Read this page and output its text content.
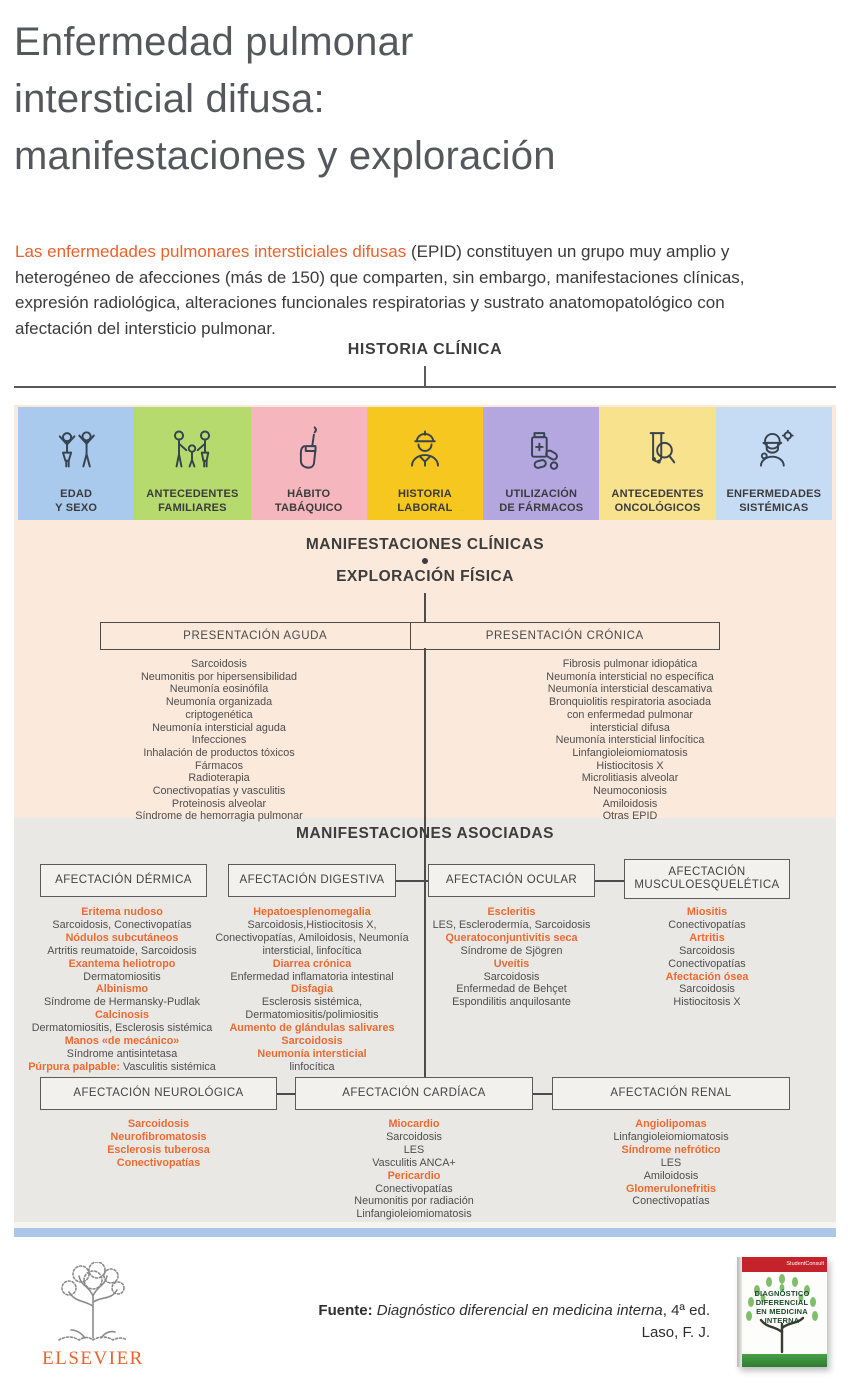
Enfermedad pulmonar
intersticial difusa:
manifestaciones y exploración

Las enfermedades pulmonares intersticiales difusas (EPID) constituyen un grupo muy amplio y heterogéneo de afecciones (más de 150) que comparten, sin embargo, manifestaciones clínicas, expresión radiológica, alteraciones funcionales respiratorias y sustrato anatomopatológico con afectación del intersticio pulmonar.

HISTORIA CLÍNICA
EDAD
Y SEXO
ANTECEDENTES
FAMILIARES
HÁBITO
TABÁQUICO
HISTORIA
LABORAL
UTILIZACIÓN
DE FÁRMACOS
ANTECEDENTES
ONCOLÓGICOS
ENFERMEDADES
SISTÉMICAS
MANIFESTACIONES CLÍNICAS
EXPLORACIÓN FÍSICA
PRESENTACIÓN AGUDA	PRESENTACIÓN CRÓNICA
Sarcoidosis
Neumonitis por hipersensibilidad
Neumonía eosinófila
Neumonía organizada
criptogenética
Neumonía intersticial aguda
Infecciones
Inhalación de productos tóxicos
Fármacos
Radioterapia
Conectivopatías y vasculitis
Proteinosis alveolar
Síndrome de hemorragia pulmonar
Fibrosis pulmonar idiopática
Neumonía intersticial no específica
Neumonía intersticial descamativa
Bronquiolitis respiratoria asociada
con enfermedad pulmonar
intersticial difusa
Neumonía intersticial linfocítica
Linfangioleiomiomatosis
Histiocitosis X
Microlitiasis alveolar
Neumoconiosis
Amiloidosis
Otras EPID
MANIFESTACIONES ASOCIADAS
AFECTACIÓN DÉRMICA	AFECTACIÓN DIGESTIVA	AFECTACIÓN OCULAR
AFECTACIÓN MUSCULOESQUELÉTICA
Eritema nudoso
Sarcoidosis, Conectivopatías
Nódulos subcutáneos
Artritis reumatoide, Sarcoidosis
Exantema heliotropo
Dermatomiositis
Albinismo
Síndrome de Hermansky-Pudlak
Calcinosis
Dermatomiositis, Esclerosis sistémica
Manos «de mecánico»
Síndrome antisintetasa
Púrpura palpable: Vasculitis sistémica
Hepatoesplenomegalia
Sarcoidosis,Histiocitosis X,
Conectivopatías, Amiloidosis, Neumonía
intersticial, linfocítica
Diarrea crónica
Enfermedad inflamatoria intestinal
Disfagia
Esclerosis sistémica,
Dermatomiositis/polimiositis
Aumento de glándulas salivares
Sarcoidosis
Neumonía intersticial
linfocítica
Escleritis
LES, Esclerodermía, Sarcoidosis
Queratoconjuntivitis seca
Síndrome de Sjögren
Uveítis
Sarcoidosis
Enfermedad de Behçet
Espondilitis anquilosante
Miositis
Conectivopatías
Artritis
Sarcoidosis
Conectivopatías
Afectación ósea
Sarcoidosis
Histiocitosis X
AFECTACIÓN NEUROLÓGICA	AFECTACIÓN CARDÍACA	AFECTACIÓN RENAL
Sarcoidosis
Neurofibromatosis
Esclerosis tuberosa
Conectivopatías
Miocardio
Sarcoidosis
LES
Vasculitis ANCA+
Pericardio
Conectivopatías
Neumonitis por radiación
Linfangioleiomiomatosis
Angiolipomas
Linfangioleiomiomatosis
Síndrome nefrótico
LES
Amiloidosis
Glomerulonefritis
Conectivopatías
ELSEVIER
Fuente: Diagnóstico diferencial en medicina interna, 4ª ed.
Laso, F. J.
StudentConsult
DIAGNÓSTICO
DIFERENCIAL
EN MEDICINA
INTERNA
